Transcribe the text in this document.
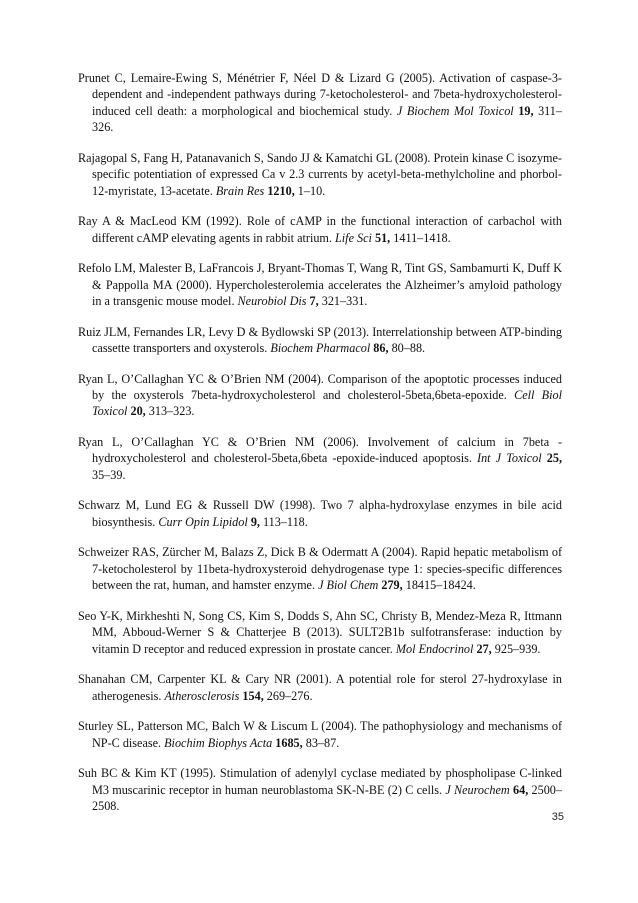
Prunet C, Lemaire-Ewing S, Ménétrier F, Néel D & Lizard G (2005). Activation of caspase-3-dependent and -independent pathways during 7-ketocholesterol- and 7beta-hydroxycholesterol-induced cell death: a morphological and biochemical study. J Biochem Mol Toxicol 19, 311–326.

Rajagopal S, Fang H, Patanavanich S, Sando JJ & Kamatchi GL (2008). Protein kinase C isozyme-specific potentiation of expressed Ca v 2.3 currents by acetyl-beta-methylcholine and phorbol-12-myristate, 13-acetate. Brain Res 1210, 1–10.

Ray A & MacLeod KM (1992). Role of cAMP in the functional interaction of carbachol with different cAMP elevating agents in rabbit atrium. Life Sci 51, 1411–1418.

Refolo LM, Malester B, LaFrancois J, Bryant-Thomas T, Wang R, Tint GS, Sambamurti K, Duff K & Pappolla MA (2000). Hypercholesterolemia accelerates the Alzheimer’s amyloid pathology in a transgenic mouse model. Neurobiol Dis 7, 321–331.

Ruiz JLM, Fernandes LR, Levy D & Bydlowski SP (2013). Interrelationship between ATP-binding cassette transporters and oxysterols. Biochem Pharmacol 86, 80–88.

Ryan L, O’Callaghan YC & O’Brien NM (2004). Comparison of the apoptotic processes induced by the oxysterols 7beta-hydroxycholesterol and cholesterol-5beta,6beta-epoxide. Cell Biol Toxicol 20, 313–323.

Ryan L, O’Callaghan YC & O’Brien NM (2006). Involvement of calcium in 7beta -hydroxycholesterol and cholesterol-5beta,6beta -epoxide-induced apoptosis. Int J Toxicol 25, 35–39.

Schwarz M, Lund EG & Russell DW (1998). Two 7 alpha-hydroxylase enzymes in bile acid biosynthesis. Curr Opin Lipidol 9, 113–118.

Schweizer RAS, Zürcher M, Balazs Z, Dick B & Odermatt A (2004). Rapid hepatic metabolism of 7-ketocholesterol by 11beta-hydroxysteroid dehydrogenase type 1: species-specific differences between the rat, human, and hamster enzyme. J Biol Chem 279, 18415–18424.

Seo Y-K, Mirkheshti N, Song CS, Kim S, Dodds S, Ahn SC, Christy B, Mendez-Meza R, Ittmann MM, Abboud-Werner S & Chatterjee B (2013). SULT2B1b sulfotransferase: induction by vitamin D receptor and reduced expression in prostate cancer. Mol Endocrinol 27, 925–939.

Shanahan CM, Carpenter KL & Cary NR (2001). A potential role for sterol 27-hydroxylase in atherogenesis. Atherosclerosis 154, 269–276.

Sturley SL, Patterson MC, Balch W & Liscum L (2004). The pathophysiology and mechanisms of NP-C disease. Biochim Biophys Acta 1685, 83–87.

Suh BC & Kim KT (1995). Stimulation of adenylyl cyclase mediated by phospholipase C-linked M3 muscarinic receptor in human neuroblastoma SK-N-BE (2) C cells. J Neurochem 64, 2500–2508.

35
